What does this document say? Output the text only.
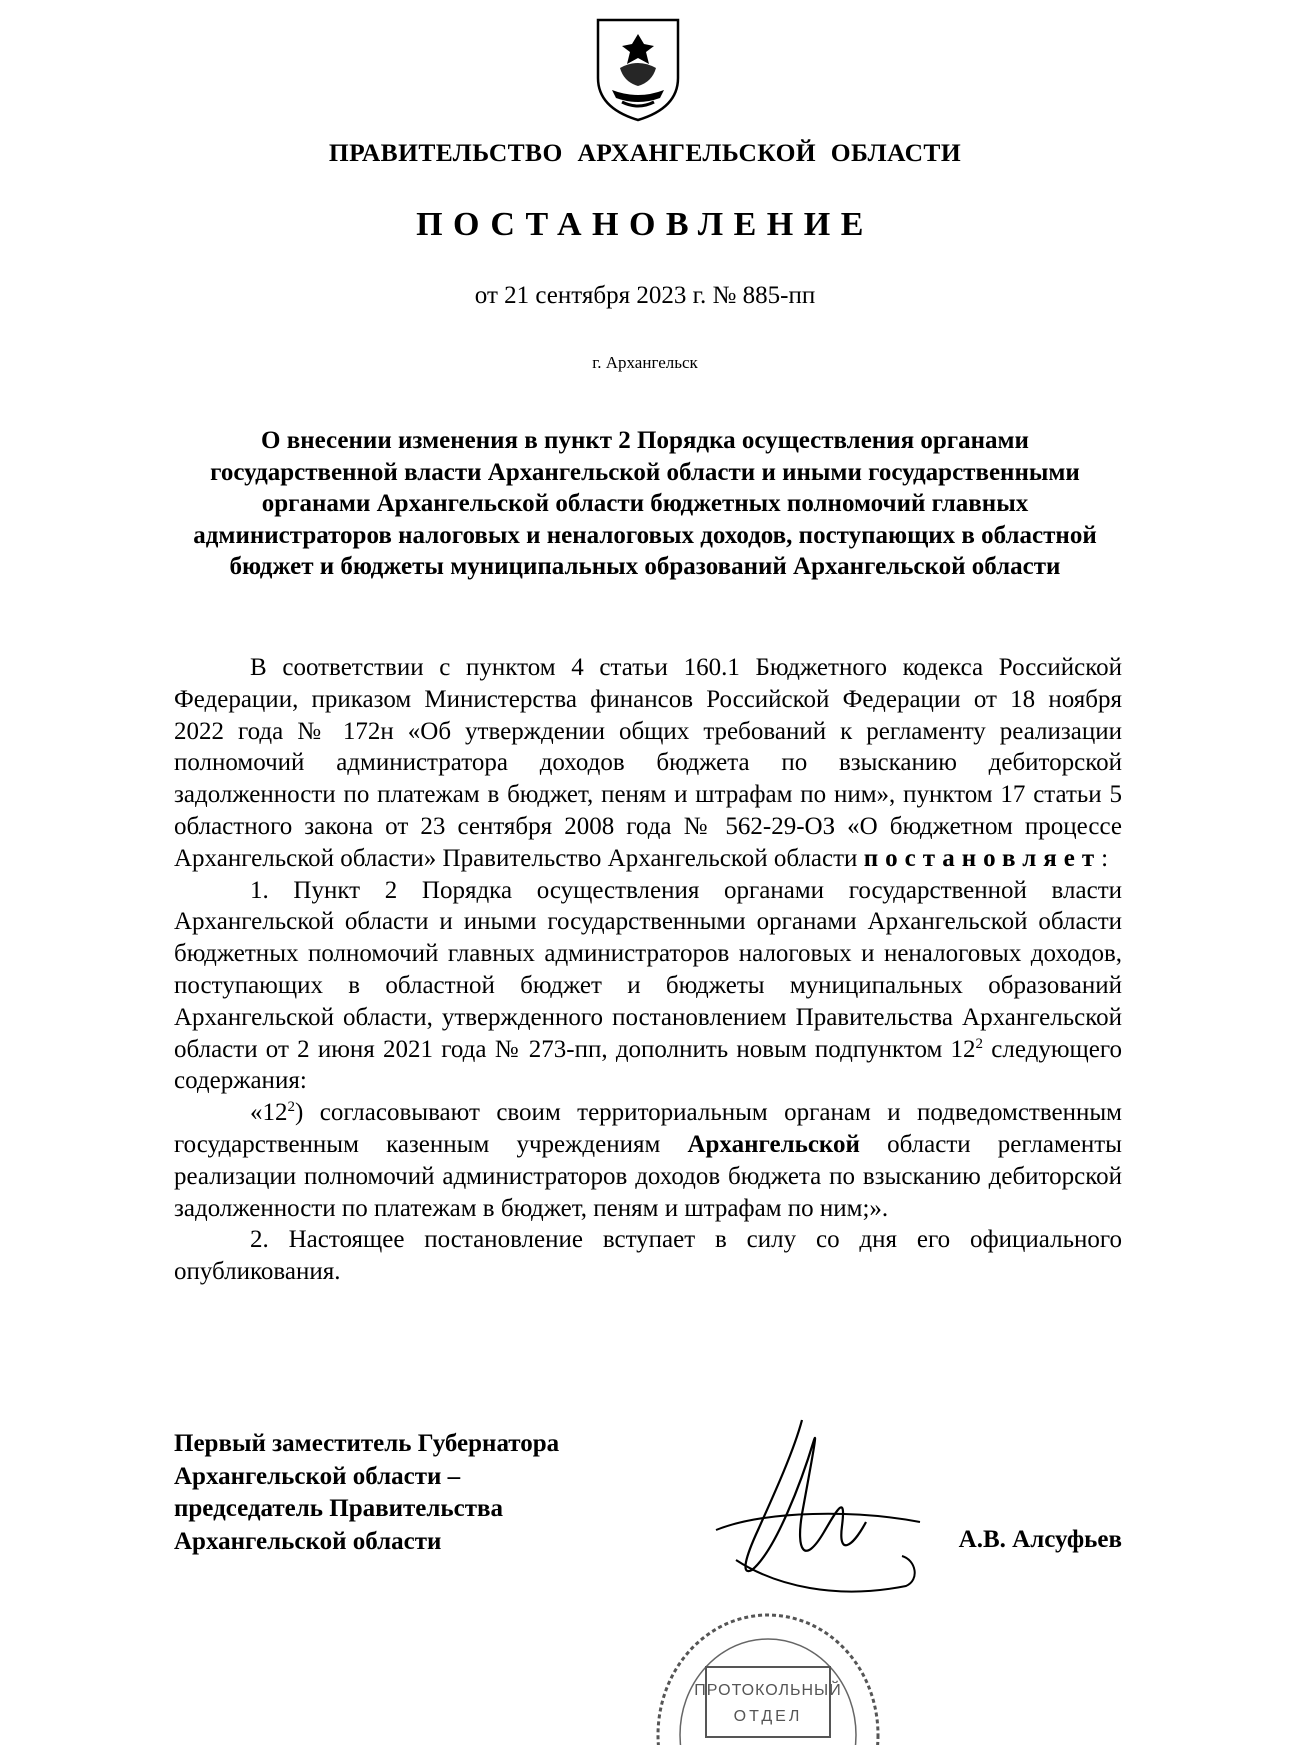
ПРАВИТЕЛЬСТВО АРХАНГЕЛЬСКОЙ ОБЛАСТИ
ПОСТАНОВЛЕНИЕ
от 21 сентября 2023 г. № 885-пп
г. Архангельск
О внесении изменения в пункт 2 Порядка осуществления органами государственной власти Архангельской области и иными государственными органами Архангельской области бюджетных полномочий главных администраторов налоговых и неналоговых доходов, поступающих в областной бюджет и бюджеты муниципальных образований Архангельской области

В соответствии с пунктом 4 статьи 160.1 Бюджетного кодекса Российской Федерации, приказом Министерства финансов Российской Федерации от 18 ноября 2022 года № 172н «Об утверждении общих требований к регламенту реализации полномочий администратора доходов бюджета по взысканию дебиторской задолженности по платежам в бюджет, пеням и штрафам по ним», пунктом 17 статьи 5 областного закона от 23 сентября 2008 года № 562-29-ОЗ «О бюджетном процессе Архангельской области» Правительство Архангельской области постановляет:

1. Пункт 2 Порядка осуществления органами государственной власти Архангельской области и иными государственными органами Архангельской области бюджетных полномочий главных администраторов налоговых и неналоговых доходов, поступающих в областной бюджет и бюджеты муниципальных образований Архангельской области, утвержденного постановлением Правительства Архангельской области от 2 июня 2021 года № 273-пп, дополнить новым подпунктом $12^2$ следующего содержания:

«$12^2$) согласовывают своим территориальным органам и подведомственным государственным казенным учреждениям Архангельской области регламенты реализации полномочий администраторов доходов бюджета по взысканию дебиторской задолженности по платежам в бюджет, пеням и штрафам по ним;».

2. Настоящее постановление вступает в силу со дня его официального опубликования.

Первый заместитель Губернатора
Архангельской области –
председатель Правительства
Архангельской области
ПРОТОКОЛЬНЫЙ
ОТДЕЛ
А.В. Алсуфьев
